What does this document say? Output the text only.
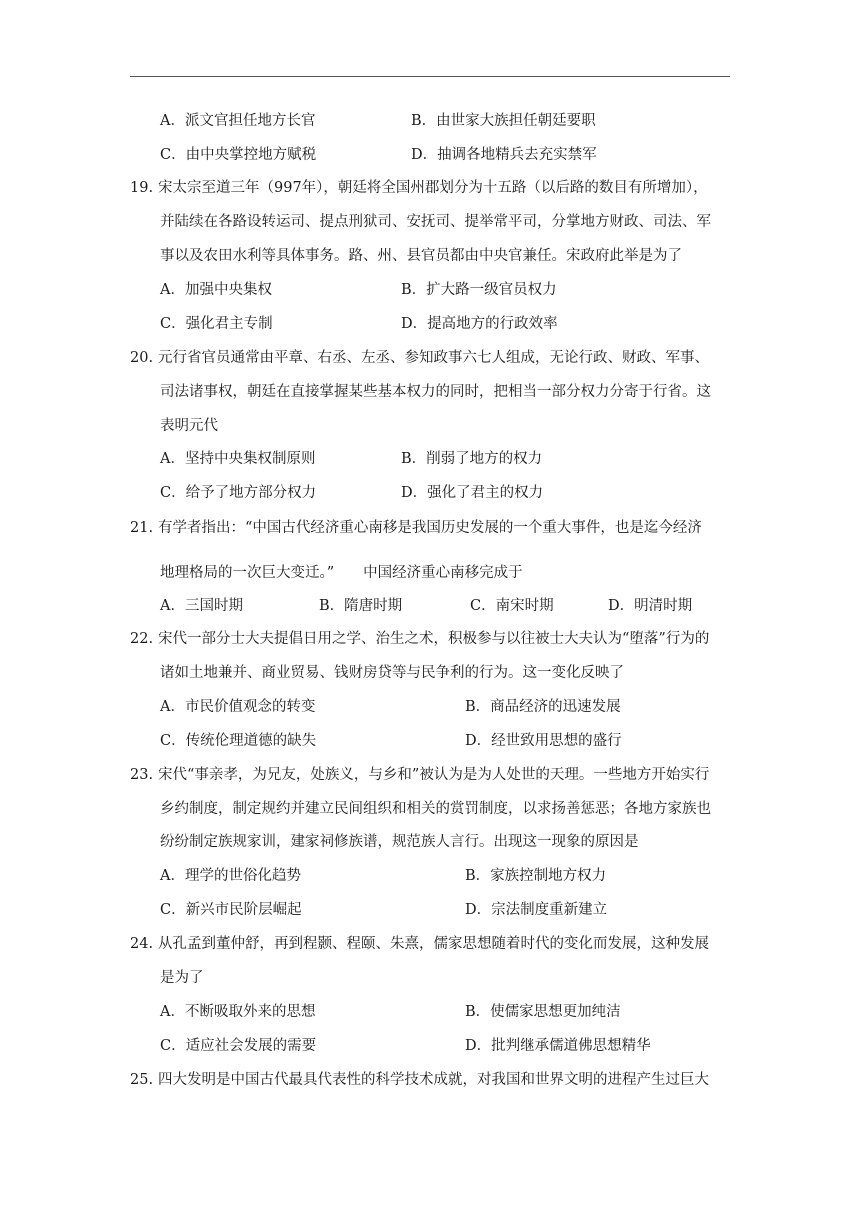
A．派文官担任地方长官	B．由世家大族担任朝廷要职
C．由中央掌控地方赋税	D．抽调各地精兵去充实禁军
19. 宋太宗至道三年（997年），朝廷将全国州郡划分为十五路（以后路的数目有所增加），
并陆续在各路设转运司、提点刑狱司、安抚司、提举常平司，分掌地方财政、司法、军
事以及农田水利等具体事务。路、州、县官员都由中央官兼任。宋政府此举是为了
A．加强中央集权	B．扩大路一级官员权力
C．强化君主专制	D．提高地方的行政效率
20. 元行省官员通常由平章、右丞、左丞、参知政事六七人组成，无论行政、财政、军事、
司法诸事权，朝廷在直接掌握某些基本权力的同时，把相当一部分权力分寄于行省。这
表明元代
A．坚持中央集权制原则	B．削弱了地方的权力
C．给予了地方部分权力	D．强化了君主的权力
21. 有学者指出：“中国古代经济重心南移是我国历史发展的一个重大事件，也是迄今经济
地理格局的一次巨大变迁。”　　中国经济重心南移完成于
A．三国时期	B．隋唐时期	C．南宋时期	D．明清时期
22. 宋代一部分士大夫提倡日用之学、治生之术，积极参与以往被士大夫认为“堕落”行为的
诸如土地兼并、商业贸易、钱财房贷等与民争利的行为。这一变化反映了
A．市民价值观念的转变	B．商品经济的迅速发展
C．传统伦理道德的缺失	D．经世致用思想的盛行
23. 宋代“事亲孝，为兄友，处族义，与乡和”被认为是为人处世的天理。一些地方开始实行
乡约制度，制定规约并建立民间组织和相关的赏罚制度，以求扬善惩恶；各地方家族也
纷纷制定族规家训，建家祠修族谱，规范族人言行。出现这一现象的原因是
A．理学的世俗化趋势	B．家族控制地方权力
C．新兴市民阶层崛起	D．宗法制度重新建立
24. 从孔孟到董仲舒，再到程颢、程颐、朱熹，儒家思想随着时代的变化而发展，这种发展
是为了
A．不断吸取外来的思想	B．使儒家思想更加纯洁
C．适应社会发展的需要	D．批判继承儒道佛思想精华
25. 四大发明是中国古代最具代表性的科学技术成就，对我国和世界文明的进程产生过巨大
